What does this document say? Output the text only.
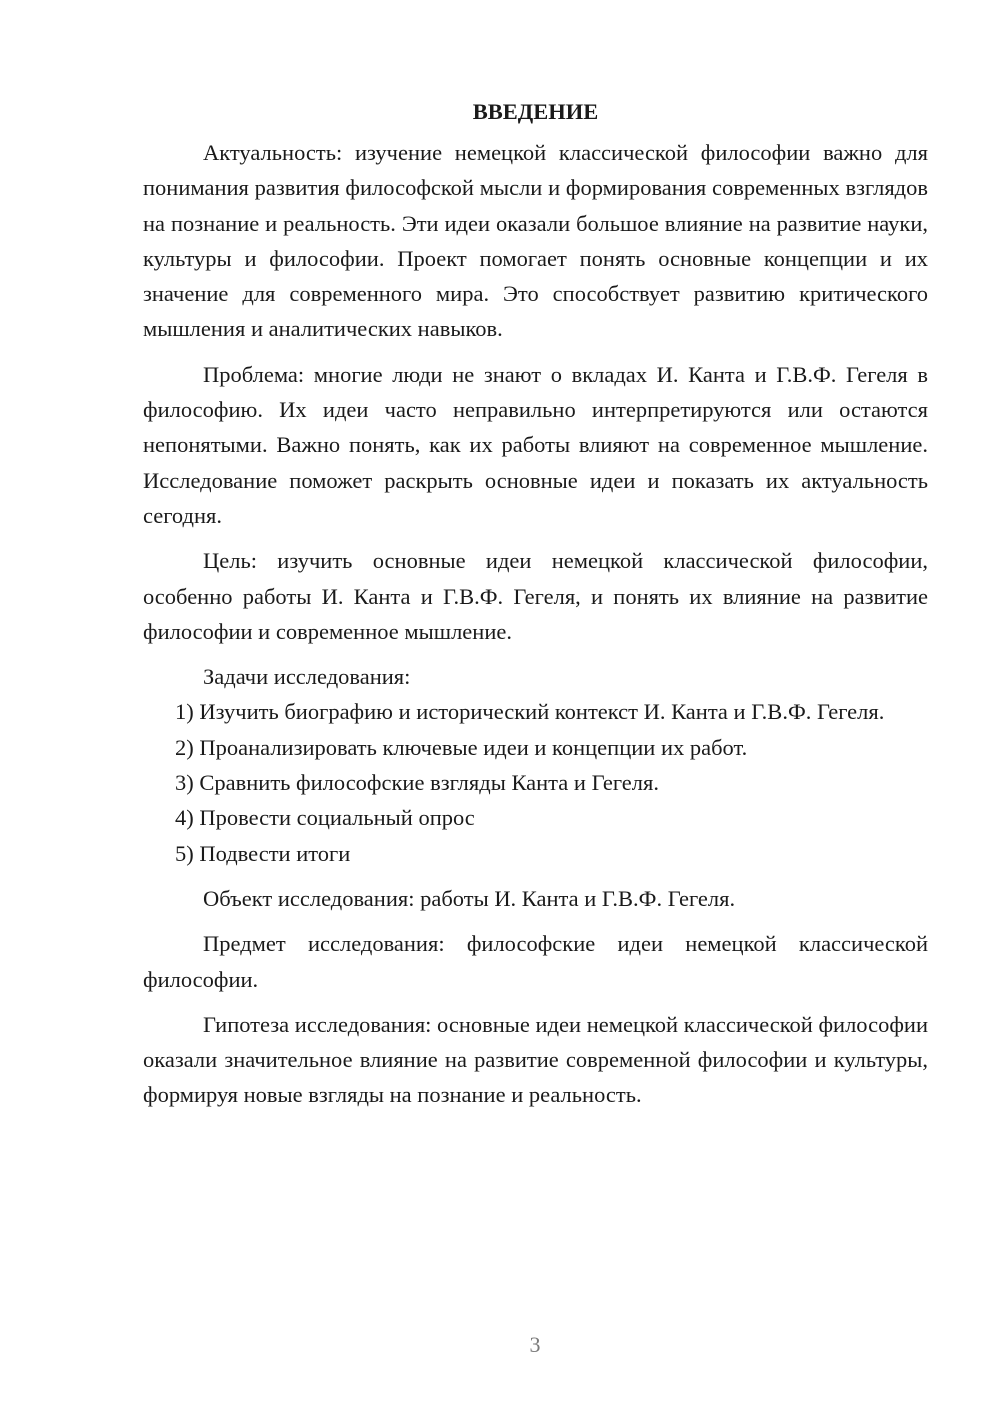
ВВЕДЕНИЕ

Актуальность: изучение немецкой классической философии важно для понимания развития философской мысли и формирования современных взглядов на познание и реальность. Эти идеи оказали большое влияние на развитие науки, культуры и философии. Проект помогает понять основные концепции и их значение для современного мира. Это способствует развитию критического мышления и аналитических навыков.

Проблема: многие люди не знают о вкладах И. Канта и Г.В.Ф. Гегеля в философию. Их идеи часто неправильно интерпретируются или остаются непонятыми. Важно понять, как их работы влияют на современное мышление. Исследование поможет раскрыть основные идеи и показать их актуальность сегодня.

Цель: изучить основные идеи немецкой классической философии, особенно работы И. Канта и Г.В.Ф. Гегеля, и понять их влияние на развитие философии и современное мышление.

Задачи исследования:

1) Изучить биографию и исторический контекст И. Канта и Г.В.Ф. Гегеля.

2) Проанализировать ключевые идеи и концепции их работ.

3) Сравнить философские взгляды Канта и Гегеля.

4) Провести социальный опрос

5) Подвести итоги

Объект исследования: работы И. Канта и Г.В.Ф. Гегеля.

Предмет исследования: философские идеи немецкой классической философии.

Гипотеза исследования: основные идеи немецкой классической философии оказали значительное влияние на развитие современной философии и культуры, формируя новые взгляды на познание и реальность.

3
